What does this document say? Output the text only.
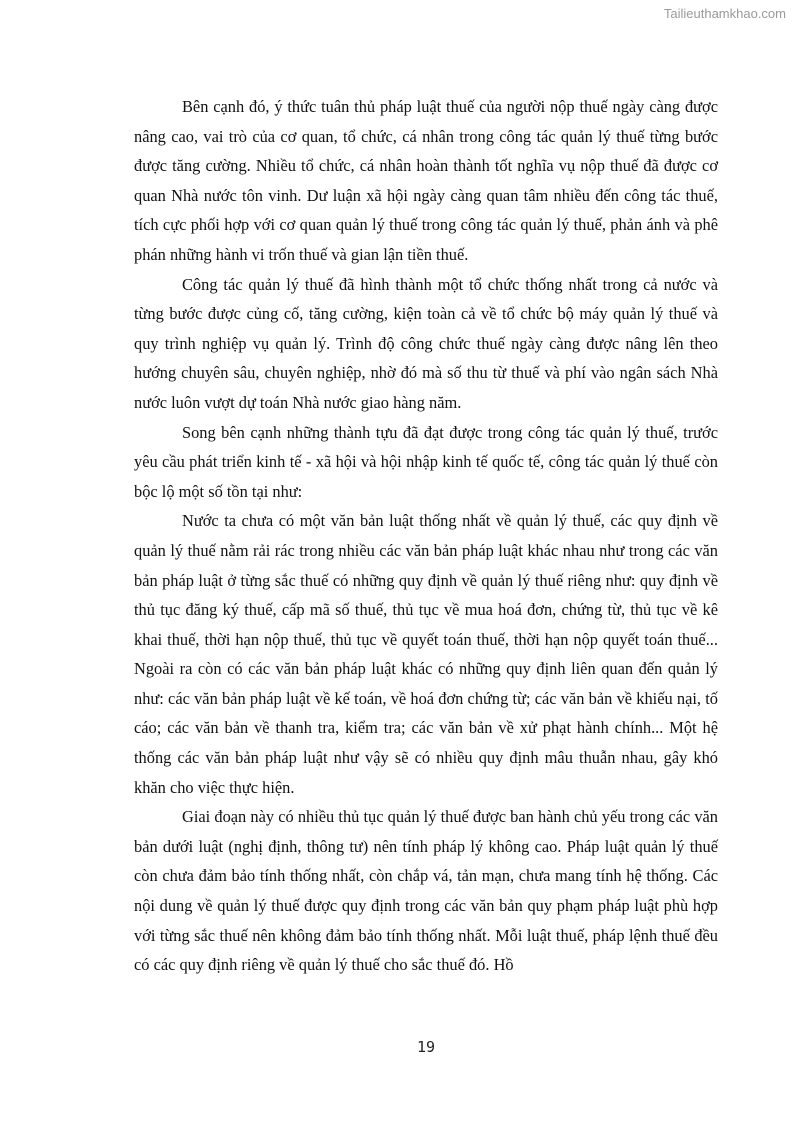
Tailieuthamkhao.com

Bên cạnh đó, ý thức tuân thủ pháp luật thuế của người nộp thuế ngày càng được nâng cao, vai trò của cơ quan, tổ chức, cá nhân trong công tác quản lý thuế từng bước được tăng cường. Nhiều tổ chức, cá nhân hoàn thành tốt nghĩa vụ nộp thuế đã được cơ quan Nhà nước tôn vinh. Dư luận xã hội ngày càng quan tâm nhiều đến công tác thuế, tích cực phối hợp với cơ quan quản lý thuế trong công tác quản lý thuế, phản ánh và phê phán những hành vi trốn thuế và gian lận tiền thuế.

Công tác quản lý thuế đã hình thành một tổ chức thống nhất trong cả nước và từng bước được củng cố, tăng cường, kiện toàn cả về tổ chức bộ máy quản lý thuế và quy trình nghiệp vụ quản lý. Trình độ công chức thuế ngày càng được nâng lên theo hướng chuyên sâu, chuyên nghiệp, nhờ đó mà số thu từ thuế và phí vào ngân sách Nhà nước luôn vượt dự toán Nhà nước giao hàng năm.

Song bên cạnh những thành tựu đã đạt được trong công tác quản lý thuế, trước yêu cầu phát triển kinh tế - xã hội và hội nhập kinh tế quốc tế, công tác quản lý thuế còn bộc lộ một số tồn tại như:

Nước ta chưa có một văn bản luật thống nhất về quản lý thuế, các quy định về quản lý thuế nằm rải rác trong nhiều các văn bản pháp luật khác nhau như trong các văn bản pháp luật ở từng sắc thuế có những quy định về quản lý thuế riêng như: quy định về thủ tục đăng ký thuế, cấp mã số thuế, thủ tục về mua hoá đơn, chứng từ, thủ tục về kê khai thuế, thời hạn nộp thuế, thủ tục về quyết toán thuế, thời hạn nộp quyết toán thuế... Ngoài ra còn có các văn bản pháp luật khác có những quy định liên quan đến quản lý như: các văn bản pháp luật về kế toán, về hoá đơn chứng từ; các văn bản về khiếu nại, tố cáo; các văn bản về thanh tra, kiểm tra; các văn bản về xử phạt hành chính... Một hệ thống các văn bản pháp luật như vậy sẽ có nhiều quy định mâu thuẫn nhau, gây khó khăn cho việc thực hiện.

Giai đoạn này có nhiều thủ tục quản lý thuế được ban hành chủ yếu trong các văn bản dưới luật (nghị định, thông tư) nên tính pháp lý không cao. Pháp luật quản lý thuế còn chưa đảm bảo tính thống nhất, còn chắp vá, tản mạn, chưa mang tính hệ thống. Các nội dung về quản lý thuế được quy định trong các văn bản quy phạm pháp luật phù hợp với từng sắc thuế nên không đảm bảo tính thống nhất. Mỗi luật thuế, pháp lệnh thuế đều có các quy định riêng về quản lý thuế cho sắc thuế đó. Hồ

19
